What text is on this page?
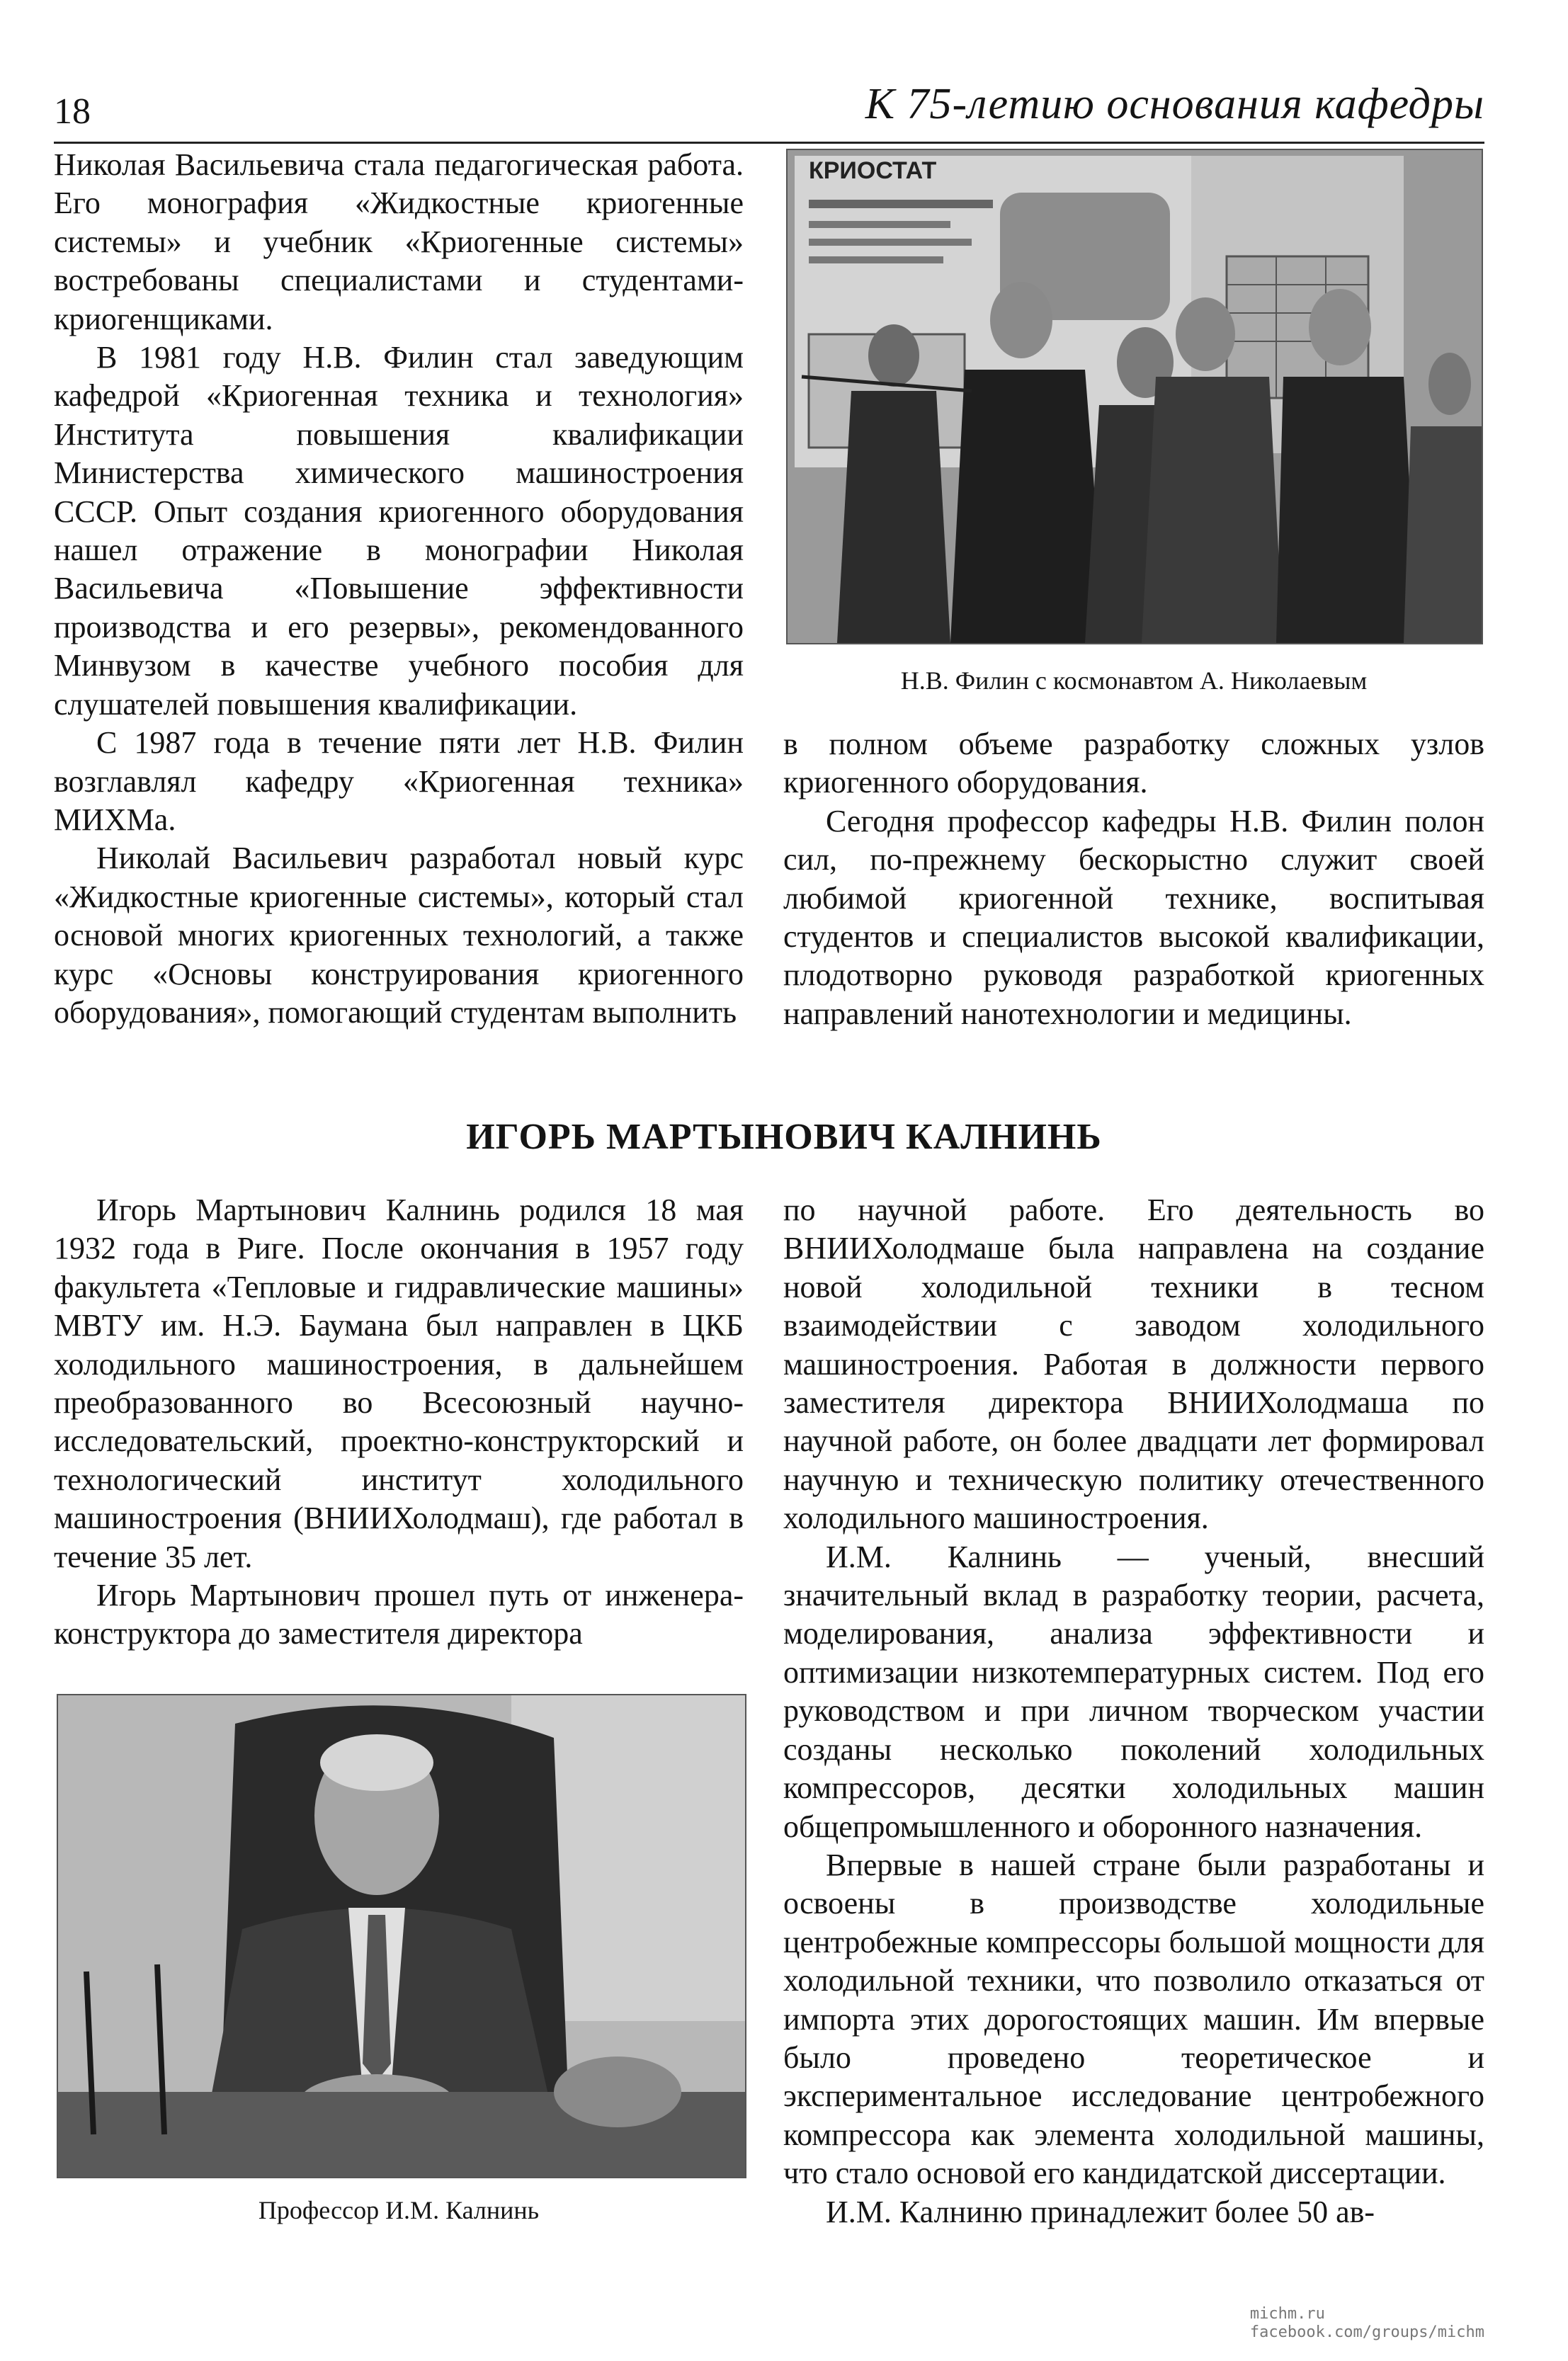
18	К 75-летию основания кафедры

Николая Васильевича стала педагогическая работа. Его монография «Жидкостные криогенные системы» и учебник «Криогенные системы» востребованы специалистами и студентами-криогенщиками.

В 1981 году Н.В. Филин стал заведующим кафедрой «Криогенная техника и технология» Института повышения квалификации Министерства химического машиностроения СССР. Опыт создания криогенного оборудования нашел отражение в монографии Николая Васильевича «Повышение эффективности производства и его резервы», рекомендованного Минвузом в качестве учебного пособия для слушателей повышения квалификации.

С 1987 года в течение пяти лет Н.В. Филин возглавлял кафедру «Криогенная техника» МИХМа.

Николай Васильевич разработал новый курс «Жидкостные криогенные системы», который стал основой многих криогенных технологий, а также курс «Основы конструирования криогенного оборудования», помогающий студентам выполнить

КРИОСТАТ
Н.В. Филин с космонавтом А. Николаевым

в полном объеме разработку сложных узлов криогенного оборудования.

Сегодня профессор кафедры Н.В. Филин полон сил, по-прежнему бескорыстно служит своей любимой криогенной технике, воспитывая студентов и специалистов высокой квалификации, плодотворно руководя разработкой криогенных направлений нанотехнологии и медицины.

ИГОРЬ МАРТЫНОВИЧ КАЛНИНЬ

Игорь Мартынович Калнинь родился 18 мая 1932 года в Риге. После окончания в 1957 году факультета «Тепловые и гидравлические машины» МВТУ им. Н.Э. Баумана был направлен в ЦКБ холодильного машиностроения, в дальнейшем преобразованного во Всесоюзный научно-исследовательский, проектно-конструкторский и технологический институт холодильного машиностроения (ВНИИХолодмаш), где работал в течение 35 лет.

Игорь Мартынович прошел путь от инженера-конструктора до заместителя директора

Профессор И.М. Калнинь

по научной работе. Его деятельность во ВНИИХолодмаше была направлена на создание новой холодильной техники в тесном взаимодействии с заводом холодильного машиностроения. Работая в должности первого заместителя директора ВНИИХолодмаша по научной работе, он более двадцати лет формировал научную и техническую политику отечественного холодильного машиностроения.

И.М. Калнинь — ученый, внесший значительный вклад в разработку теории, расчета, моделирования, анализа эффективности и оптимизации низкотемпературных систем. Под его руководством и при личном творческом участии созданы несколько поколений холодильных компрессоров, десятки холодильных машин общепромышленного и оборонного назначения.

Впервые в нашей стране были разработаны и освоены в производстве холодильные центробежные компрессоры большой мощности для холодильной техники, что позволило отказаться от импорта этих дорогостоящих машин. Им впервые было проведено теоретическое и экспериментальное исследование центробежного компрессора как элемента холодильной машины, что стало основой его кандидатской диссертации.

И.М. Калниню принадлежит более 50 ав-

michm.ru
facebook.com/groups/michm
